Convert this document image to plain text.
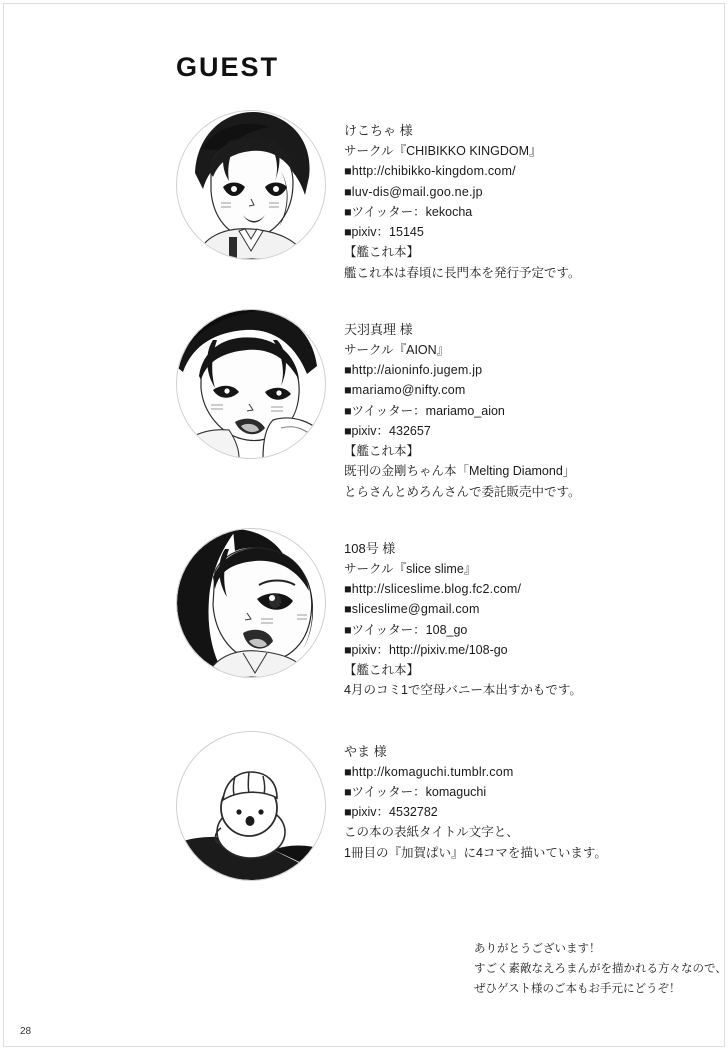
GUEST
けこちゃ 様
サークル『CHIBIKKO KINGDOM』
■http://chibikko-kingdom.com/
■luv-dis@mail.goo.ne.jp
■ツイッター：kekocha
■pixiv：15145
【艦これ本】
艦これ本は春頃に長門本を発行予定です。
天羽真理 様
サークル『AION』
■http://aioninfo.jugem.jp
■mariamo@nifty.com
■ツイッター：mariamo_aion
■pixiv：432657
【艦これ本】
既刊の金剛ちゃん本「Melting Diamond」
とらさんとめろんさんで委託販売中です。
108号 様
サークル『slice slime』
■http://sliceslime.blog.fc2.com/
■sliceslime@gmail.com
■ツイッター：108_go
■pixiv：http://pixiv.me/108-go
【艦これ本】
4月のコミ1で空母バニー本出すかもです。
やま 様
■http://komaguchi.tumblr.com
■ツイッター：komaguchi
■pixiv：4532782
この本の表紙タイトル文字と、
1冊目の『加賀ぱい』に4コマを描いています。
ありがとうございます！
すごく素敵なえろまんがを描かれる方々なので、
ぜひゲスト様のご本もお手元にどうぞ！
28
